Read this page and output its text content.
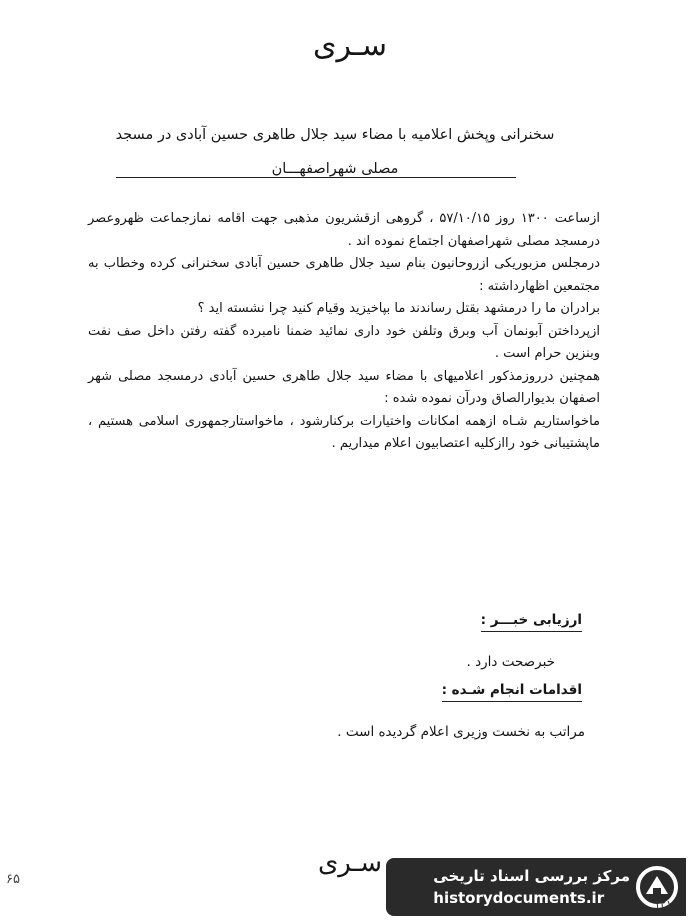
سـری
سخنرانی وپخش اعلامیه با مضاء سید جلال طاهری حسین آبادی در مسجد
مصلی شهراصفهـــان

ازساعت ۱۳۰۰ روز ۵۷/۱۰/۱۵ ، گروهی ازقشریون مذهبی جهت اقامه نمازجماعت ظهروعصر درمسجد مصلی شهراصفهان اجتماع نموده اند .

درمجلس مزبوریکی ازروحانیون بنام سید جلال طاهری حسین آبادی سخنرانی کرده وخطاب به مجتمعین اظهارداشته :

برادران ما را درمشهد بقتل رساندند ما بپاخیزید وقیام کنید چرا نشسته اید ؟

ازپرداختن آبونمان آب وبرق وتلفن خود داری نمائید ضمنا نامبرده گفته رفتن داخل صف نفت وبنزین حرام است .

همچنین درروزمذکور اعلامیهای با مضاء سید جلال طاهری حسین آبادی درمسجد مصلی شهر اصفهان بدیوارالصاق ودرآن نموده شده :

ماخواستاریم شـاه ازهمه امکانات واختیارات برکنارشود ، ماخواستارجمهوری اسلامی هستیم ، ماپشتیبانی خود راازکلیه اعتصابیون اعلام میداریم .

ارزیابی خبـــر :
خبرصحت دارد .
اقدامات انجام شـده :
مراتب به نخست وزیری اعلام گردیده است .
سـری
۶۵	مرکز بررسی اسناد تاریخی
historydocuments.ir	۱۲۱
